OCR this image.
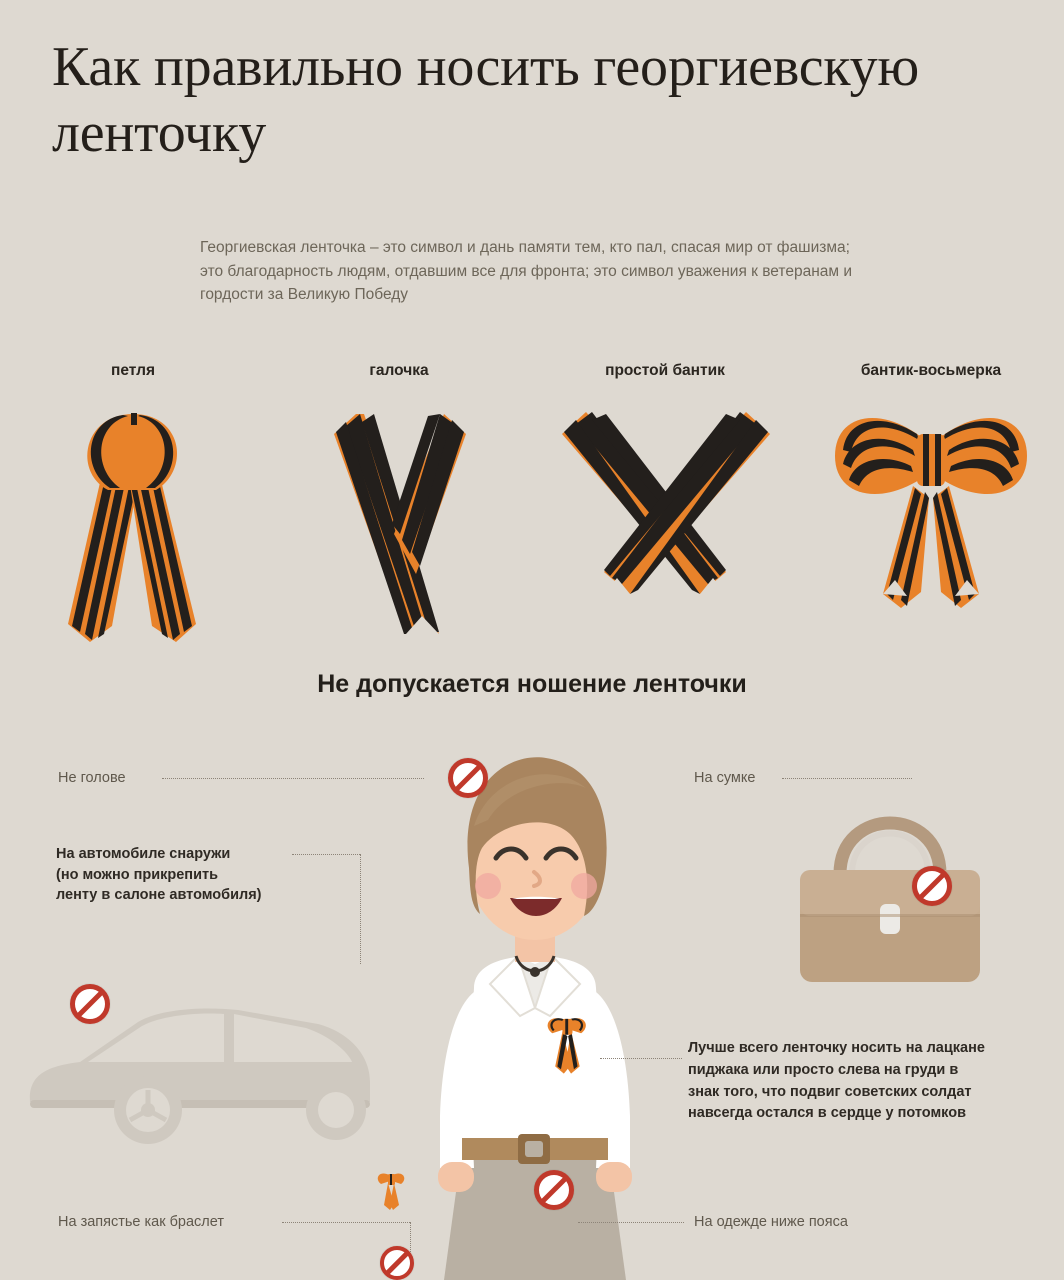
Как правильно носить георгиевскую ленточку
Георгиевская ленточка – это символ и дань памяти тем, кто пал, спасая мир от фашизма; это благодарность людям, отдавшим все для фронта; это символ уважения к ветеранам и гордости за Великую Победу
петля	галочка	простой бантик	бантик-восьмерка
Не допускается ношение ленточки
Не голове	На сумке
На автомобиле снаружи
(но можно прикрепить
ленту в салоне автомобиля)
Лучше всего ленточку носить на лацкане пиджака или просто слева на груди в знак того, что подвиг советских солдат навсегда остался в сердце у потомков
На запястье как браслет	На одежде ниже пояса
